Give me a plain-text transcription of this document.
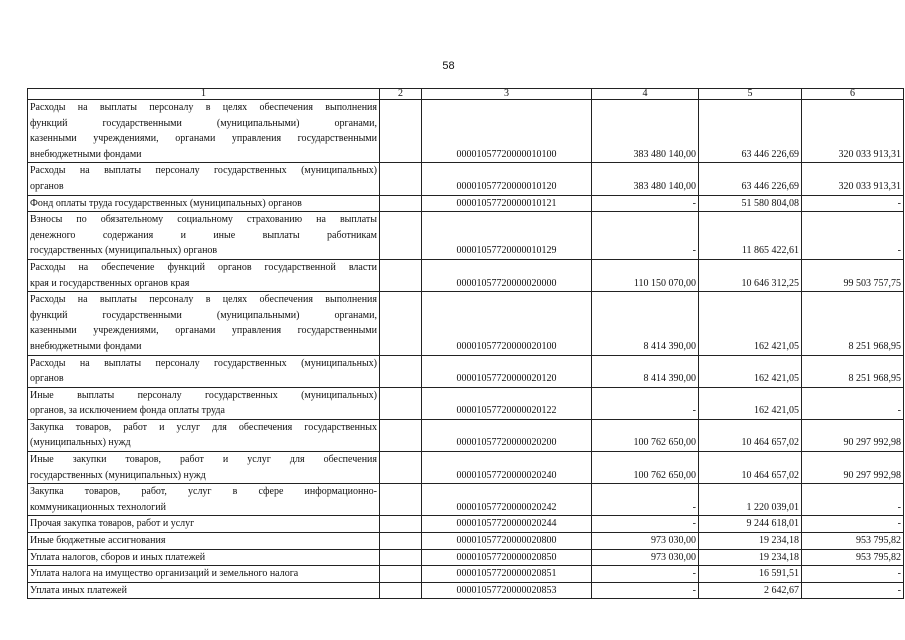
58
1	2	3	4	5	6

Расходы на выплаты персоналу в целях обеспечения выполнения
функций государственными (муниципальными) органами,
казенными учреждениями, органами управления государственными
внебюджетными фондами		00001057720000010100	383 480 140,00	63 446 226,69	320 033 913,31

Расходы на выплаты персоналу государственных (муниципальных)
органов		00001057720000010120	383 480 140,00	63 446 226,69	320 033 913,31

Фонд оплаты труда государственных (муниципальных) органов		00001057720000010121	-	51 580 804,08	-

Взносы по обязательному социальному страхованию на выплаты
денежного содержания и иные выплаты работникам
государственных (муниципальных) органов		00001057720000010129	-	11 865 422,61	-

Расходы на обеспечение функций органов государственной власти
края и государственных органов края		00001057720000020000	110 150 070,00	10 646 312,25	99 503 757,75

Расходы на выплаты персоналу в целях обеспечения выполнения
функций государственными (муниципальными) органами,
казенными учреждениями, органами управления государственными
внебюджетными фондами		00001057720000020100	8 414 390,00	162 421,05	8 251 968,95

Расходы на выплаты персоналу государственных (муниципальных)
органов		00001057720000020120	8 414 390,00	162 421,05	8 251 968,95

Иные выплаты персоналу государственных (муниципальных)
органов, за исключением фонда оплаты труда		00001057720000020122	-	162 421,05	-

Закупка товаров, работ и услуг для обеспечения государственных
(муниципальных) нужд		00001057720000020200	100 762 650,00	10 464 657,02	90 297 992,98

Иные закупки товаров, работ и услуг для обеспечения
государственных (муниципальных) нужд		00001057720000020240	100 762 650,00	10 464 657,02	90 297 992,98

Закупка товаров, работ, услуг в сфере информационно-
коммуникационных технологий		00001057720000020242	-	1 220 039,01	-

Прочая закупка товаров, работ и услуг		00001057720000020244	-	9 244 618,01	-

Иные бюджетные ассигнования		00001057720000020800	973 030,00	19 234,18	953 795,82

Уплата налогов, сборов и иных платежей		00001057720000020850	973 030,00	19 234,18	953 795,82

Уплата налога на имущество организаций и земельного налога		00001057720000020851	-	16 591,51	-

Уплата иных платежей		00001057720000020853	-	2 642,67	-
